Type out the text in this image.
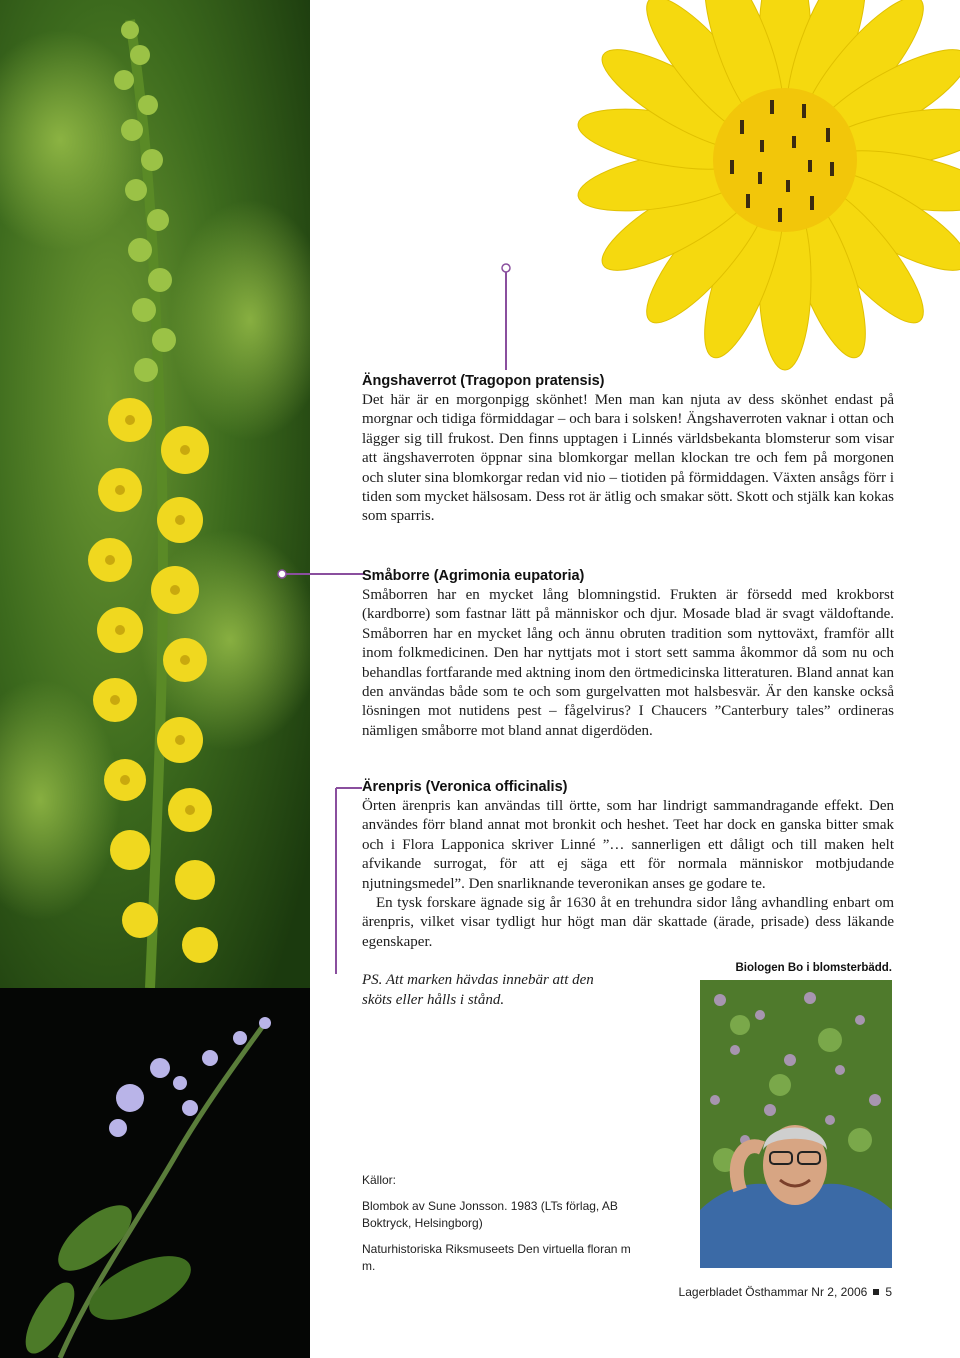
Ängshaverrot (Tragopon pratensis)

Det här är en morgonpigg skönhet! Men man kan njuta av dess skönhet endast på morgnar och tidiga förmiddagar – och bara i solsken! Ängshaverroten vaknar i ottan och lägger sig till frukost. Den finns upptagen i Linnés världsbekanta blomsterur som visar att ängshaverroten öppnar sina blomkorgar mellan klockan tre och fem på morgonen och sluter sina blomkorgar redan vid nio – tiotiden på förmiddagen. Växten ansågs förr i tiden som mycket hälsosam. Dess rot är ätlig och smakar sött. Skott och stjälk kan kokas som sparris.

Småborre (Agrimonia eupatoria)

Småborren har en mycket lång blomningstid. Frukten är försedd med krokborst (kardborre) som fastnar lätt på människor och djur. Mosade blad är svagt väldoftande. Småborren har en mycket lång och ännu obruten tradition som nyttoväxt, framför allt inom folkmedicinen. Den har nyttjats mot i stort sett samma åkommor då som nu och behandlas fortfarande med aktning inom den örtmedicinska litteraturen. Bland annat kan den användas både som te och som gurgelvatten mot halsbesvär. Är den kanske också lösningen mot nutidens pest – fågelvirus? I Chaucers ”Canterbury tales” ordineras nämligen småborre mot bland annat digerdöden.

Ärenpris (Veronica officinalis)

Örten ärenpris kan användas till örtte, som har lindrigt sammandragande effekt. Den användes förr bland annat mot bronkit och heshet. Teet har dock en ganska bitter smak och i Flora Lapponica skriver Linné ”… sannerligen ett dåligt och till maken helt afvikande surrogat, för att ej säga ett för normala människor motbjudande njutningsmedel”. Den snarliknande teveronikan anses ge godare te.

En tysk forskare ägnade sig år 1630 åt en trehundra sidor lång avhandling enbart om ärenpris, vilket visar tydligt hur högt man där skattade (ärade, prisade) dess läkande egenskaper.

PS. Att marken hävdas innebär att den sköts eller hålls i stånd.
Biologen Bo i blomsterbädd.

Källor:

Blombok av Sune Jonsson. 1983 (LTs förlag, AB Boktryck, Helsingborg)

Naturhistoriska Riksmuseets Den virtuella floran m m.

Lagerbladet Östhammar Nr 2, 2006 5
